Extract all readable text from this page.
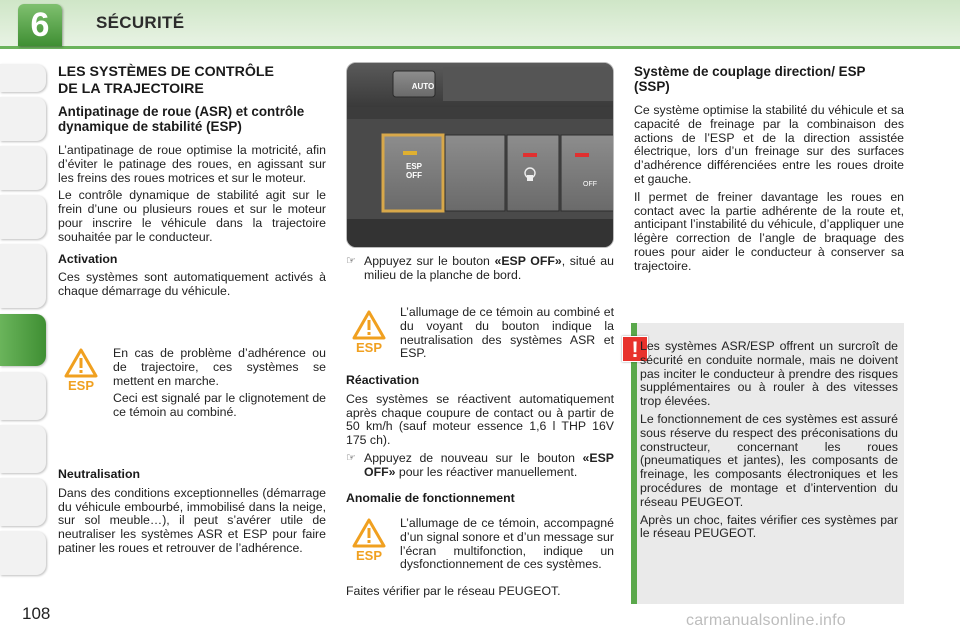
6	SÉCURITÉ
LES SYSTÈMES DE CONTRÔLE
DE LA TRAJECTOIRE
Antipatinage de roue (ASR) et contrôle dynamique de stabilité (ESP)

L’antipatinage de roue optimise la motricité, afin d’éviter le patinage des roues, en agissant sur les freins des roues motrices et sur le moteur.

Le contrôle dynamique de stabilité agit sur le frein d’une ou plusieurs roues et sur le moteur pour inscrire le véhicule dans la trajectoire souhaitée par le conducteur.

Activation

Ces systèmes sont automatiquement activés à chaque démarrage du véhicule.

En cas de problème d’adhérence ou de trajectoire, ces systèmes se mettent en marche.

Ceci est signalé par le clignotement de ce témoin au combiné.

Neutralisation

Dans des conditions exceptionnelles (démarrage du véhicule embourbé, immobilisé dans la neige, sur sol meuble…), il peut s’avérer utile de neutraliser les systèmes ASR et ESP pour faire patiner les roues et retrouver de l’adhérence.

ESP
ESP
ESP
AUTO
ESP
OFF
OFF
☞ Appuyez sur le bouton «ESP OFF», situé au milieu de la planche de bord.

L’allumage de ce témoin au combiné et du voyant du bouton indique la neutralisation des systèmes ASR et ESP.

Réactivation

Ces systèmes se réactivent automatiquement après chaque coupure de contact ou à partir de 50 km/h (sauf moteur essence 1,6 l THP 16V 175 ch).

☞ Appuyez de nouveau sur le bouton «ESP OFF» pour les réactiver manuellement.

Anomalie de fonctionnement

L’allumage de ce témoin, accompagné d’un signal sonore et d’un message sur l’écran multifonction, indique un dysfonctionnement de ces systèmes.

Faites vérifier par le réseau PEUGEOT.

Système de couplage direction/ ESP (SSP)

Ce système optimise la stabilité du véhicule et sa capacité de freinage par la combinaison des actions de l’ESP et de la direction assistée électrique, lors d’un freinage sur des surfaces d’adhérence différenciées entre les roues droite et gauche.

Il permet de freiner davantage les roues en contact avec la partie adhérente de la route et, anticipant l’instabilité du véhicule, d’appliquer une légère correction de l’angle de braquage des roues pour aider le conducteur à conserver sa trajectoire.

! Les systèmes ASR/ESP offrent un surcroît de sécurité en conduite normale, mais ne doivent pas inciter le conducteur à prendre des risques supplémentaires ou à rouler à des vitesses trop élevées.

Le fonctionnement de ces systèmes est assuré sous réserve du respect des préconisations du constructeur, concernant les roues (pneumatiques et jantes), les composants de freinage, les composants électroniques et les procédures de montage et d’intervention du réseau PEUGEOT.

Après un choc, faites vérifier ces systèmes par le réseau PEUGEOT.

108	carmanualsonline.info
